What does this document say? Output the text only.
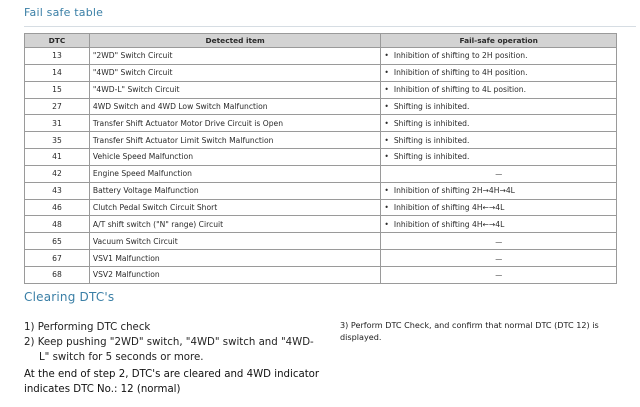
Fail safe table
DTC	Detected item	Fail-safe operation
13	"2WD" Switch Circuit	• Inhibition of shifting to 2H position.
14	"4WD" Switch Circuit	• Inhibition of shifting to 4H position.
15	"4WD-L" Switch Circuit	• Inhibition of shifting to 4L position.
27	4WD Switch and 4WD Low Switch Malfunction	• Shifting is inhibited.
31	Transfer Shift Actuator Motor Drive Circuit is Open	• Shifting is inhibited.
35	Transfer Shift Actuator Limit Switch Malfunction	• Shifting is inhibited.
41	Vehicle Speed Malfunction	• Shifting is inhibited.
42	Engine Speed Malfunction	—
43	Battery Voltage Malfunction	• Inhibition of shifting 2H→4H→4L
46	Clutch Pedal Switch Circuit Short	• Inhibition of shifting 4H←→4L
48	A/T shift switch ("N" range) Circuit	• Inhibition of shifting 4H←→4L
65	Vacuum Switch Circuit	—
67	VSV1 Malfunction	—
68	VSV2 Malfunction	—
Clearing DTC's

1) Performing DTC check

2) Keep pushing "2WD" switch, "4WD" switch and "4WD-L" switch for 5 seconds or more.

At the end of step 2, DTC's are cleared and 4WD indicator indicates DTC No.: 12 (normal)

3) Perform DTC Check, and confirm that normal DTC (DTC 12) is displayed.
